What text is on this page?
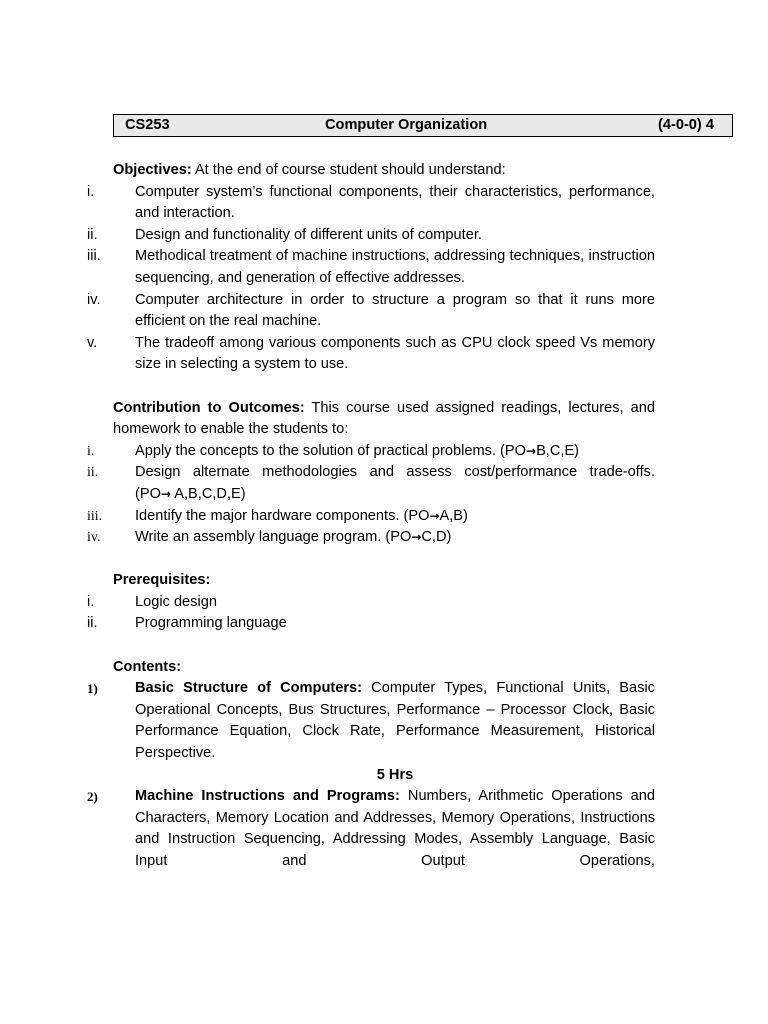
CS253	Computer Organization	(4-0-0) 4

Objectives: At the end of course student should understand:

i.	Computer system’s functional components, their characteristics, performance, and interaction.
ii.	Design and functionality of different units of computer.
iii.	Methodical treatment of machine instructions, addressing techniques, instruction sequencing, and generation of effective addresses.
iv.	Computer architecture in order to structure a program so that it runs more efficient on the real machine.
v.	The tradeoff among various components such as CPU clock speed Vs memory size in selecting a system to use.

Contribution to Outcomes: This course used assigned readings, lectures, and homework to enable the students to:

i.	Apply the concepts to the solution of practical problems. (PO→B,C,E)
ii.	Design alternate methodologies and assess cost/performance trade-offs.                (PO→ A,B,C,D,E)
iii.	Identify the major hardware components. (PO→A,B)
iv.	Write an assembly language program. (PO→C,D)

Prerequisites:

i.	Logic design
ii.	Programming language

Contents:

1)	Basic Structure of Computers: Computer Types, Functional Units, Basic Operational Concepts, Bus Structures, Performance – Processor Clock, Basic Performance Equation, Clock Rate, Performance Measurement, Historical Perspective.
5 Hrs
2)	Machine Instructions and Programs: Numbers, Arithmetic Operations and Characters, Memory Location and Addresses, Memory Operations, Instructions and Instruction Sequencing, Addressing Modes, Assembly Language, Basic Input and Output Operations,
